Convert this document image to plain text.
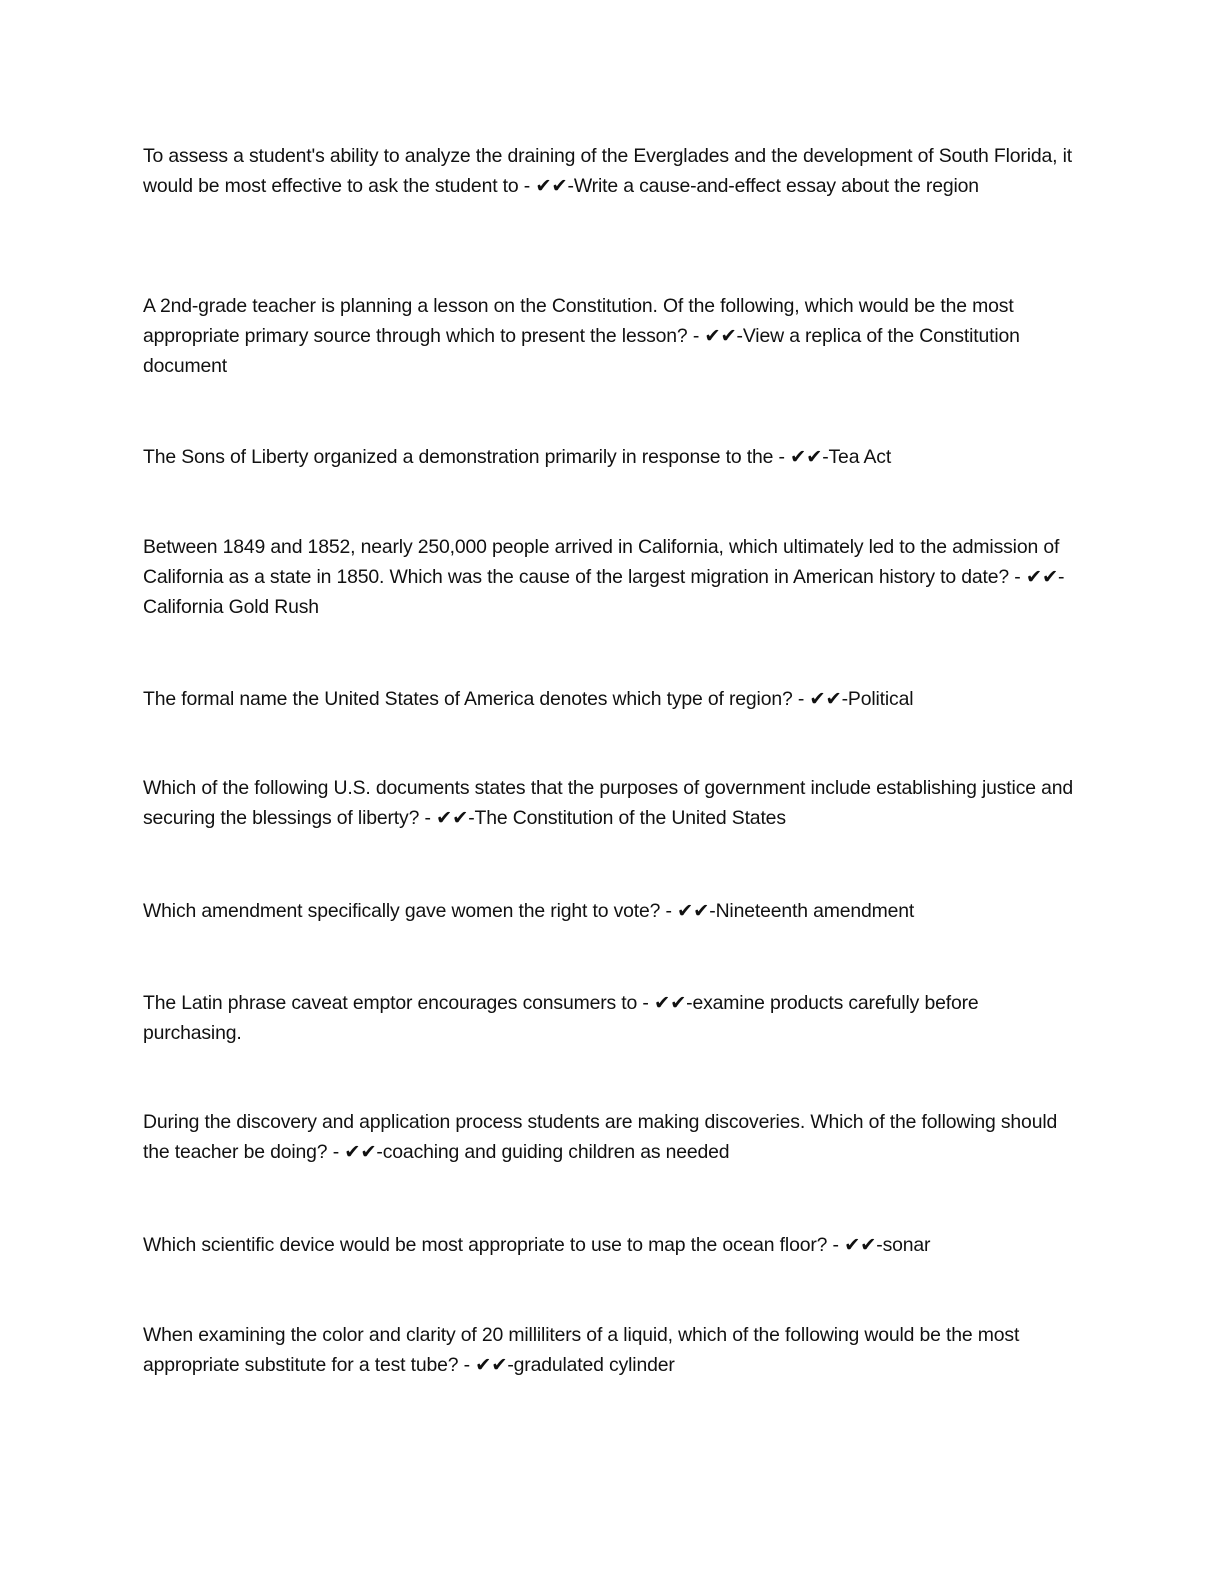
To assess a student's ability to analyze the draining of the Everglades and the development of South Florida, it would be most effective to ask the student to - ✔✔-Write a cause-and-effect essay about the region

A 2nd-grade teacher is planning a lesson on the Constitution. Of the following, which would be the most appropriate primary source through which to present the lesson? - ✔✔-View a replica of the Constitution document

The Sons of Liberty organized a demonstration primarily in response to the - ✔✔-Tea Act

Between 1849 and 1852, nearly 250,000 people arrived in California, which ultimately led to the admission of California as a state in 1850. Which was the cause of the largest migration in American history to date? - ✔✔-California Gold Rush

The formal name the United States of America denotes which type of region? - ✔✔-Political

Which of the following U.S. documents states that the purposes of government include establishing justice and securing the blessings of liberty? - ✔✔-The Constitution of the United States

Which amendment specifically gave women the right to vote? - ✔✔-Nineteenth amendment

The Latin phrase caveat emptor encourages consumers to - ✔✔-examine products carefully before purchasing.

During the discovery and application process students are making discoveries. Which of the following should the teacher be doing? - ✔✔-coaching and guiding children as needed

Which scientific device would be most appropriate to use to map the ocean floor? - ✔✔-sonar

When examining the color and clarity of 20 milliliters of a liquid, which of the following would be the most appropriate substitute for a test tube? - ✔✔-gradulated cylinder
